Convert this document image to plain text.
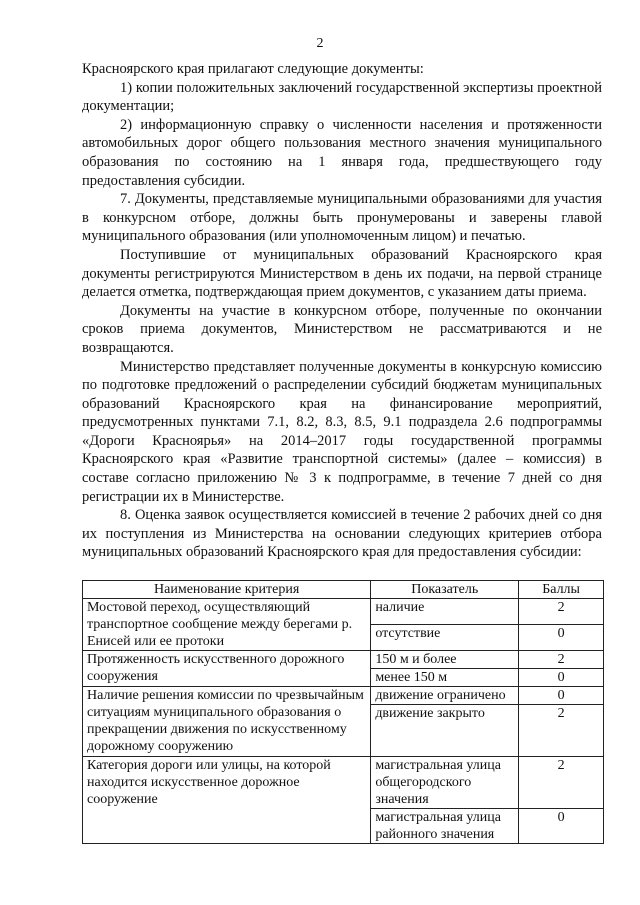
2

Красноярского края прилагают следующие документы:

1) копии положительных заключений государственной экспертизы проектной документации;

2) информационную справку о численности населения и протяженности автомобильных дорог общего пользования местного значения муниципального образования по состоянию на 1 января года, предшествующего году предоставления субсидии.

7. Документы, представляемые муниципальными образованиями для участия в конкурсном отборе, должны быть пронумерованы и заверены главой муниципального образования (или уполномоченным лицом) и печатью.

Поступившие от муниципальных образований Красноярского края документы регистрируются Министерством в день их подачи, на первой странице делается отметка, подтверждающая прием документов, с указанием даты приема.

Документы на участие в конкурсном отборе, полученные по окончании сроков приема документов, Министерством не рассматриваются и не возвращаются.

Министерство представляет полученные документы в конкурсную комиссию по подготовке предложений о распределении субсидий бюджетам муниципальных образований Красноярского края на финансирование мероприятий, предусмотренных пунктами 7.1, 8.2, 8.3, 8.5, 9.1 подраздела 2.6 подпрограммы «Дороги Красноярья» на 2014–2017 годы государственной программы Красноярского края «Развитие транспортной системы» (далее – комиссия) в составе согласно приложению № 3 к подпрограмме, в течение 7 дней со дня регистрации их в Министерстве.

8. Оценка заявок осуществляется комиссией в течение 2 рабочих дней со дня их поступления из Министерства на основании следующих критериев отбора муниципальных образований Красноярского края для предоставления субсидии:

Наименование критерия	Показатель	Баллы
Мостовой переход, осуществляющий транспортное сообщение между берегами р. Енисей или ее протоки	наличие	2
	отсутствие	0
Протяженность искусственного дорожного сооружения	150 м и более	2
	менее 150 м	0
Наличие решения комиссии по чрезвычайным ситуациям муниципального образования о прекращении движения по искусственному дорожному сооружению	движение ограничено	0
	движение закрыто	2
Категория дороги или улицы, на которой находится искусственное дорожное сооружение	магистральная улица общегородского значения	2
	магистральная улица районного значения	0
